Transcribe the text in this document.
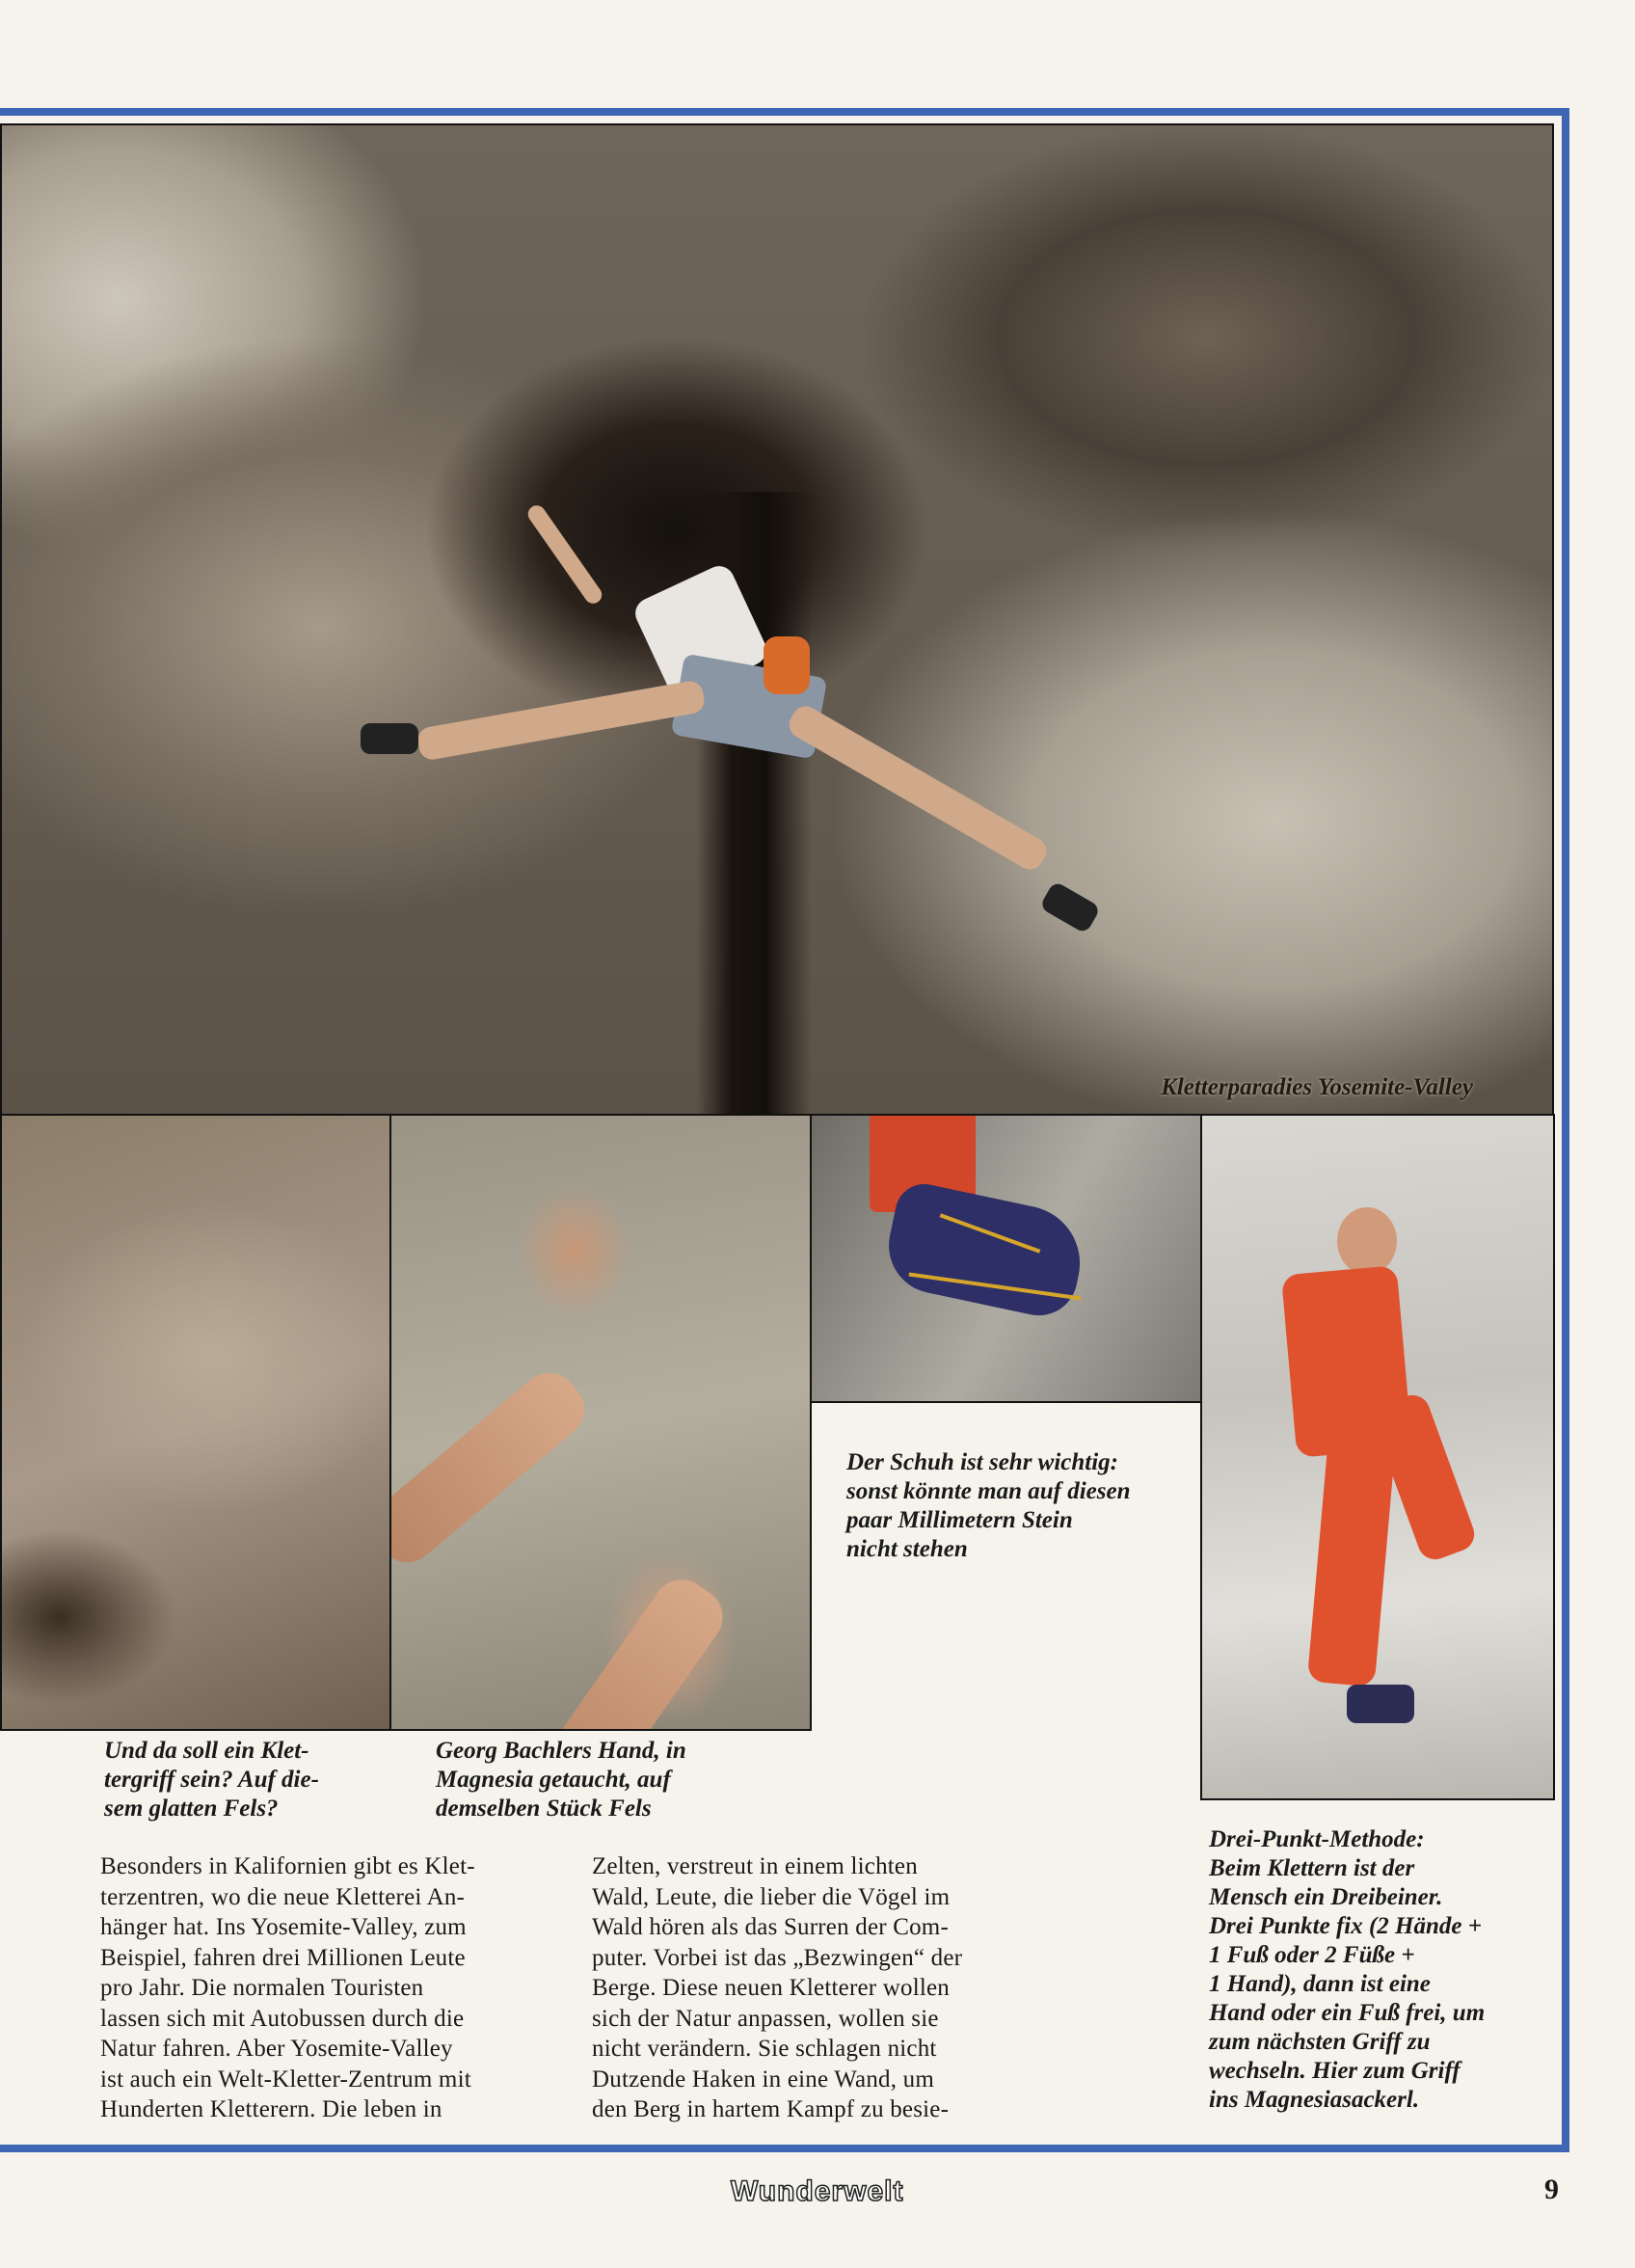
Kletterparadies Yosemite-Valley
Und da soll ein Klet-
tergriff sein? Auf die-
sem glatten Fels?
Georg Bachlers Hand, in
Magnesia getaucht, auf
demselben Stück Fels
Der Schuh ist sehr wichtig:
sonst könnte man auf diesen
paar Millimetern Stein
nicht stehen
Drei-Punkt-Methode:
Beim Klettern ist der
Mensch ein Dreibeiner.
Drei Punkte fix (2 Hände +
1 Fuß oder 2 Füße +
1 Hand), dann ist eine
Hand oder ein Fuß frei, um
zum nächsten Griff zu
wechseln. Hier zum Griff
ins Magnesiasackerl.
Besonders in Kalifornien gibt es Klet-
terzentren, wo die neue Kletterei An-
hänger hat. Ins Yosemite-Valley, zum
Beispiel, fahren drei Millionen Leute
pro Jahr. Die normalen Touristen
lassen sich mit Autobussen durch die
Natur fahren. Aber Yosemite-Valley
ist auch ein Welt-Kletter-Zentrum mit
Hunderten Kletterern. Die leben in
Zelten, verstreut in einem lichten
Wald, Leute, die lieber die Vögel im
Wald hören als das Surren der Com-
puter. Vorbei ist das „Bezwingen“ der
Berge. Diese neuen Kletterer wollen
sich der Natur anpassen, wollen sie
nicht verändern. Sie schlagen nicht
Dutzende Haken in eine Wand, um
den Berg in hartem Kampf zu besie-
Wunderwelt	9
